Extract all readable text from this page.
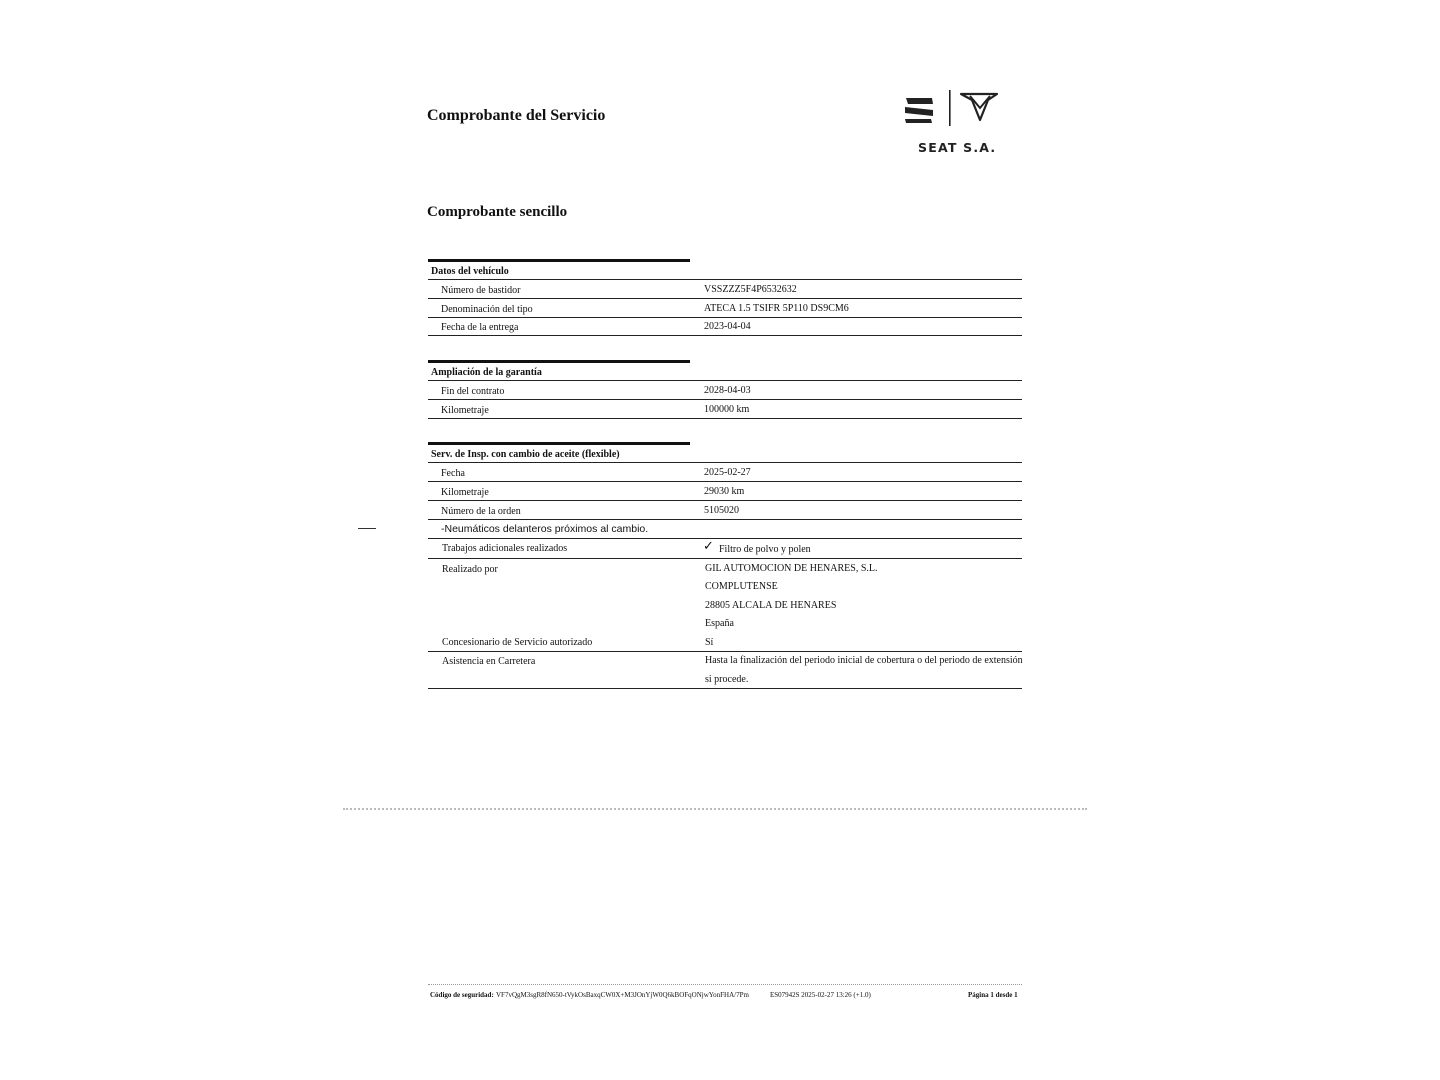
Comprobante del Servicio
SEAT S.A.
Comprobante sencillo
Datos del vehículo
Número de bastidor	VSSZZZ5F4P6532632
Denominación del tipo	ATECA 1.5 TSIFR 5P110 DS9CM6
Fecha de la entrega	2023-04-04
Ampliación de la garantía
Fin del contrato	2028-04-03
Kilometraje	100000 km
Serv. de Insp. con cambio de aceite (flexible)
Fecha	2025-02-27
Kilometraje	29030 km
Número de la orden	5105020
-Neumáticos delanteros próximos al cambio.
Trabajos adicionales realizados	✓ Filtro de polvo y polen
Realizado por	GIL AUTOMOCION DE HENARES, S.L.
COMPLUTENSE
28805 ALCALA DE HENARES
España
Concesionario de Servicio autorizado	Sí
Asistencia en Carretera	Hasta la finalización del periodo inicial de cobertura o del periodo de extensión
si procede.
Código de seguridad: VF7vQgM3sgR8fN650-tVykOsBaxqCW0X+M3JOnYjW0Q6kBOFqONjwYonFHA/7Pm	ES07942S 2025-02-27 13:26 (+1.0)	Página 1 desde 1
